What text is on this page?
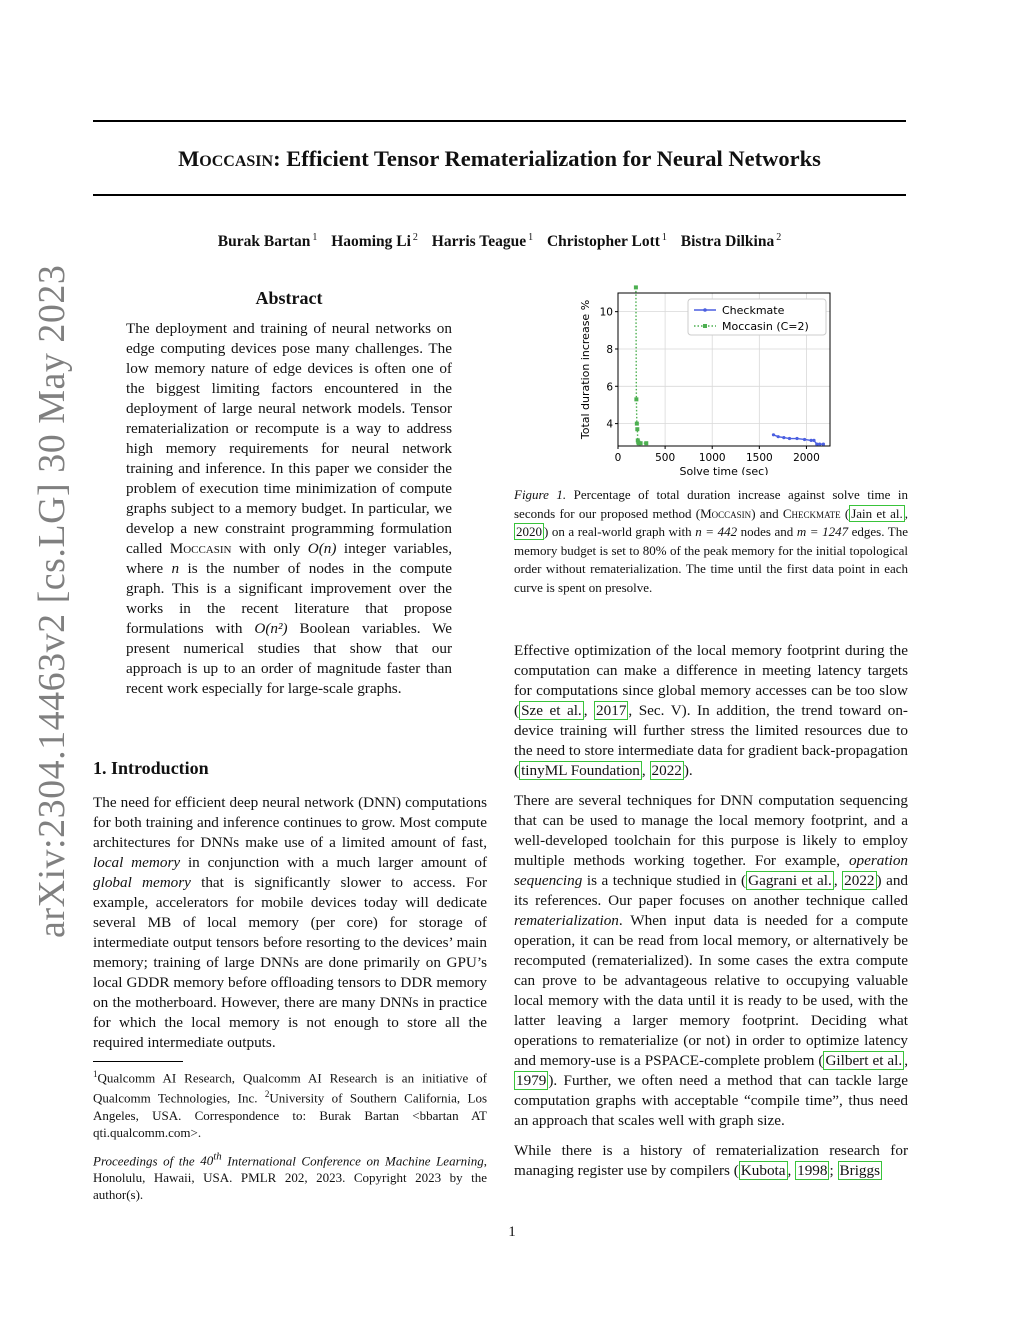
Moccasin: Efficient Tensor Rematerialization for Neural Networks
Burak Bartan $^1$ Haoming Li $^2$ Harris Teague $^1$ Christopher Lott $^1$ Bistra Dilkina $^2$
arXiv:2304.14463v2 [cs.LG] 30 May 2023	Abstract
The deployment and training of neural networks on edge computing devices pose many challenges. The low memory nature of edge devices is often one of the biggest limiting factors encountered in the deployment of large neural network models. Tensor rematerialization or recompute is a way to address high memory requirements for neural network training and inference. In this paper we consider the problem of execution time minimization of compute graphs subject to a memory budget. In particular, we develop a new constraint programming formulation called Moccasin with only O(n) integer variables, where n is the number of nodes in the compute graph. This is a significant improvement over the works in the recent literature that propose formulations with O(n²) Boolean variables. We present numerical studies that show that our approach is up to an order of magnitude faster than recent work especially for large-scale graphs.
1. Introduction
The need for efficient deep neural network (DNN) computations for both training and inference continues to grow. Most compute architectures for DNNs make use of a limited amount of fast, local memory in conjunction with a much larger amount of global memory that is significantly slower to access. For example, accelerators for mobile devices today will dedicate several MB of local memory (per core) for storage of intermediate output tensors before resorting to the devices’ main memory; training of large DNNs are done primarily on GPU’s local GDDR memory before offloading tensors to DDR memory on the motherboard. However, there are many DNNs in practice for which the local memory is not enough to store all the required intermediate outputs.
$^1$Qualcomm AI Research, Qualcomm AI Research is an initiative of Qualcomm Technologies, Inc. $^2$University of Southern California, Los Angeles, USA. Correspondence to: Burak Bartan <bbartan AT qti.qualcomm.com>.
Proceedings of the 40th International Conference on Machine Learning, Honolulu, Hawaii, USA. PMLR 202, 2023. Copyright 2023 by the author(s).
0	500 1000 1500 2000
4
6
8
10	Checkmate
Moccasin (C=2)
Solve time (sec)
Total duration increase %
Figure 1. Percentage of total duration increase against solve time in seconds for our proposed method (Moccasin) and Checkmate ( Jain et al. , 2020 ) on a real-world graph with n = 442 nodes and m = 1247 edges. The memory budget is set to 80% of the peak memory for the initial topological order without rematerialization. The time until the first data point in each curve is spent on presolve.

Effective optimization of the local memory footprint during the computation can make a difference in meeting latency targets for computations since global memory accesses can be too slow ( Sze et al. , 2017 , Sec. V). In addition, the trend toward on-device training will further stress the limited resources due to the need to store intermediate data for gradient back-propagation ( tinyML Foundation , 2022 ).

There are several techniques for DNN computation sequencing that can be used to manage the local memory footprint, and a well-developed toolchain for this purpose is likely to employ multiple methods working together. For example, operation sequencing is a technique studied in ( Gagrani et al. , 2022 ) and its references. Our paper focuses on another technique called rematerialization. When input data is needed for a compute operation, it can be read from local memory, or alternatively be recomputed (rematerialized). In some cases the extra compute can prove to be advantageous relative to occupying valuable local memory with the data until it is ready to be used, with the latter leaving a larger memory footprint. Deciding what operations to rematerialize (or not) in order to optimize latency and memory-use is a PSPACE-complete problem ( Gilbert et al. , 1979 ). Further, we often need a method that can tackle large computation graphs with acceptable “compile time”, thus need an approach that scales well with graph size.

While there is a history of rematerialization research for managing register use by compilers ( Kubota , 1998 ; Briggs

1
